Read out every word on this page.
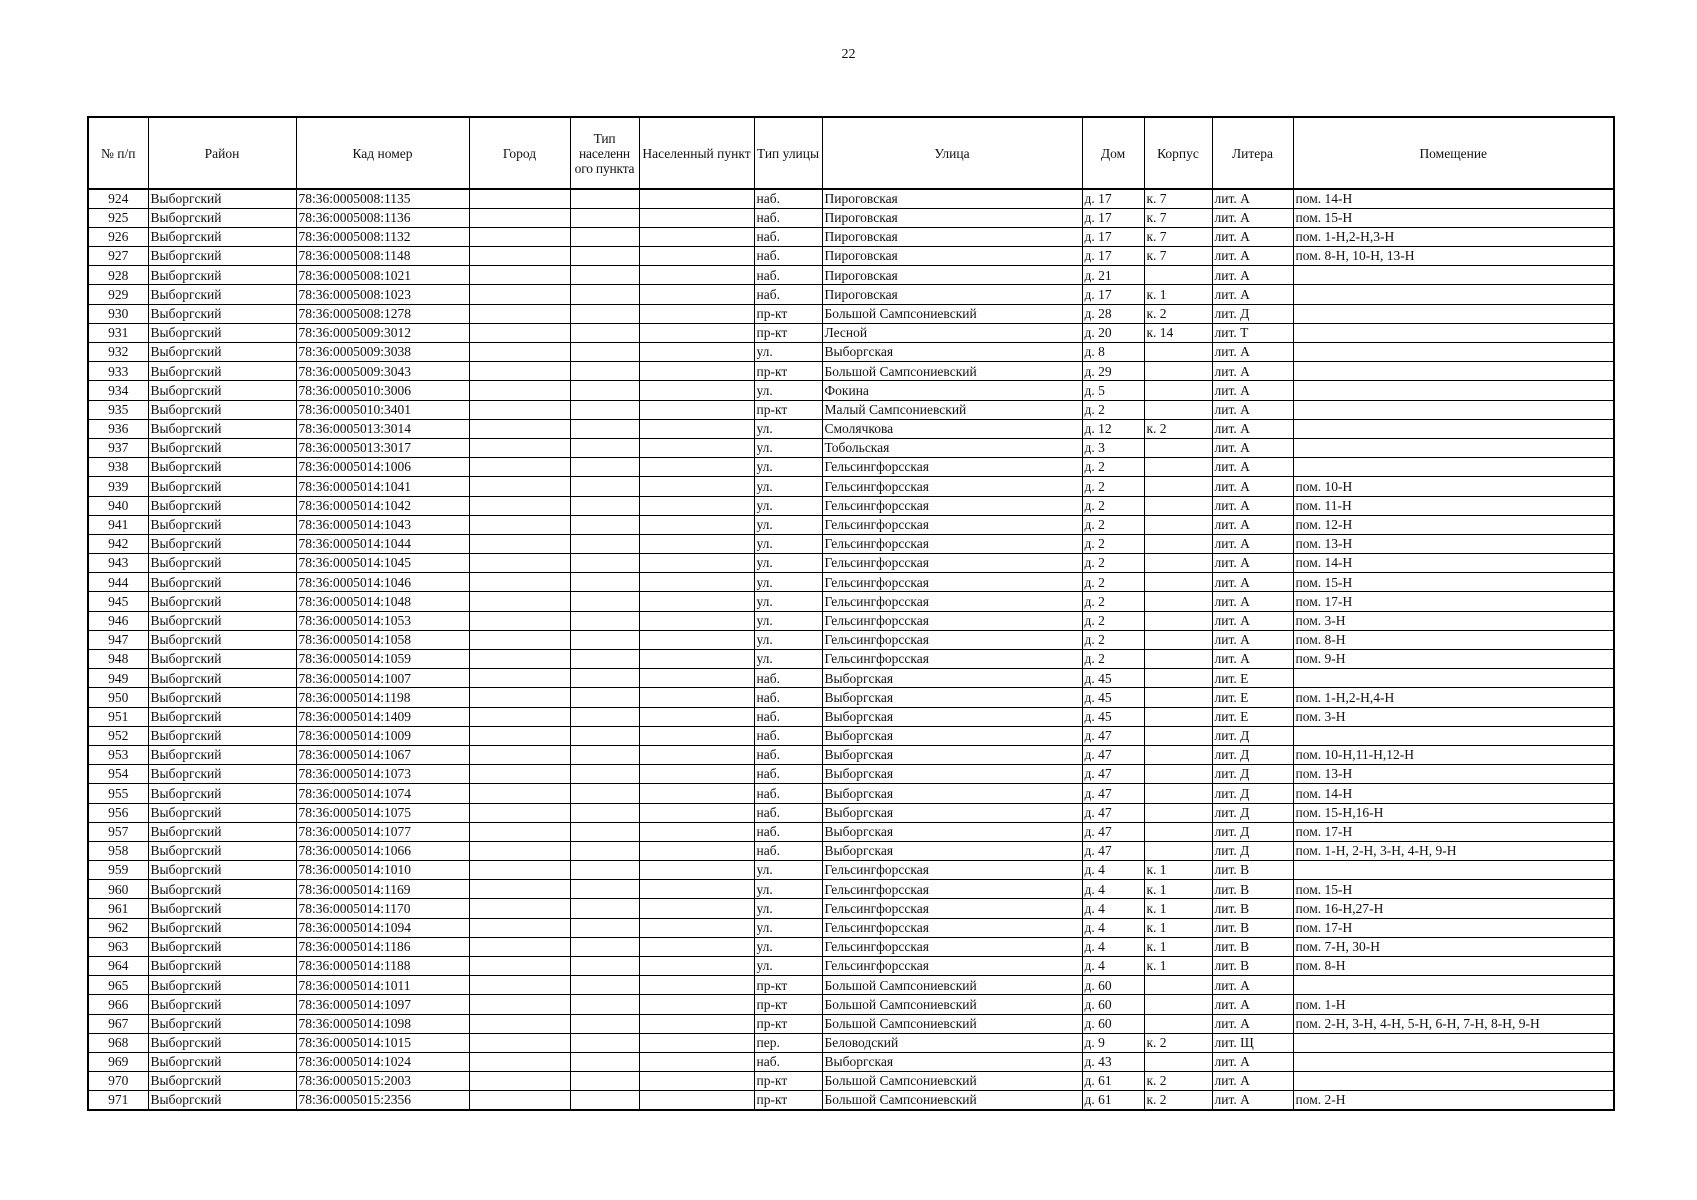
22
№ п/п	Район	Кад номер	Город	Тип населенн ого пункта	Населенный пункт	Тип улицы	Улица	Дом	Корпус	Литера	Помещение
924	Выборгский	78:36:0005008:1135				наб.	Пироговская	д. 17	к. 7	лит. А	пом. 14-Н
925	Выборгский	78:36:0005008:1136				наб.	Пироговская	д. 17	к. 7	лит. А	пом. 15-Н
926	Выборгский	78:36:0005008:1132				наб.	Пироговская	д. 17	к. 7	лит. А	пом. 1-Н,2-Н,3-Н
927	Выборгский	78:36:0005008:1148				наб.	Пироговская	д. 17	к. 7	лит. А	пом. 8-Н, 10-Н, 13-Н
928	Выборгский	78:36:0005008:1021				наб.	Пироговская	д. 21		лит. А	
929	Выборгский	78:36:0005008:1023				наб.	Пироговская	д. 17	к. 1	лит. А	
930	Выборгский	78:36:0005008:1278				пр-кт	Большой Сампсониевский	д. 28	к. 2	лит. Д	
931	Выборгский	78:36:0005009:3012				пр-кт	Лесной	д. 20	к. 14	лит. Т	
932	Выборгский	78:36:0005009:3038				ул.	Выборгская	д. 8		лит. А	
933	Выборгский	78:36:0005009:3043				пр-кт	Большой Сампсониевский	д. 29		лит. А	
934	Выборгский	78:36:0005010:3006				ул.	Фокина	д. 5		лит. А	
935	Выборгский	78:36:0005010:3401				пр-кт	Малый Сампсониевский	д. 2		лит. А	
936	Выборгский	78:36:0005013:3014				ул.	Смолячкова	д. 12	к. 2	лит. А	
937	Выборгский	78:36:0005013:3017				ул.	Тобольская	д. 3		лит. А	
938	Выборгский	78:36:0005014:1006				ул.	Гельсингфорсская	д. 2		лит. А	
939	Выборгский	78:36:0005014:1041				ул.	Гельсингфорсская	д. 2		лит. А	пом. 10-Н
940	Выборгский	78:36:0005014:1042				ул.	Гельсингфорсская	д. 2		лит. А	пом. 11-Н
941	Выборгский	78:36:0005014:1043				ул.	Гельсингфорсская	д. 2		лит. А	пом. 12-Н
942	Выборгский	78:36:0005014:1044				ул.	Гельсингфорсская	д. 2		лит. А	пом. 13-Н
943	Выборгский	78:36:0005014:1045				ул.	Гельсингфорсская	д. 2		лит. А	пом. 14-Н
944	Выборгский	78:36:0005014:1046				ул.	Гельсингфорсская	д. 2		лит. А	пом. 15-Н
945	Выборгский	78:36:0005014:1048				ул.	Гельсингфорсская	д. 2		лит. А	пом. 17-Н
946	Выборгский	78:36:0005014:1053				ул.	Гельсингфорсская	д. 2		лит. А	пом. 3-Н
947	Выборгский	78:36:0005014:1058				ул.	Гельсингфорсская	д. 2		лит. А	пом. 8-Н
948	Выборгский	78:36:0005014:1059				ул.	Гельсингфорсская	д. 2		лит. А	пом. 9-Н
949	Выборгский	78:36:0005014:1007				наб.	Выборгская	д. 45		лит. Е	
950	Выборгский	78:36:0005014:1198				наб.	Выборгская	д. 45		лит. Е	пом. 1-Н,2-Н,4-Н
951	Выборгский	78:36:0005014:1409				наб.	Выборгская	д. 45		лит. Е	пом. 3-Н
952	Выборгский	78:36:0005014:1009				наб.	Выборгская	д. 47		лит. Д	
953	Выборгский	78:36:0005014:1067				наб.	Выборгская	д. 47		лит. Д	пом. 10-Н,11-Н,12-Н
954	Выборгский	78:36:0005014:1073				наб.	Выборгская	д. 47		лит. Д	пом. 13-Н
955	Выборгский	78:36:0005014:1074				наб.	Выборгская	д. 47		лит. Д	пом. 14-Н
956	Выборгский	78:36:0005014:1075				наб.	Выборгская	д. 47		лит. Д	пом. 15-Н,16-Н
957	Выборгский	78:36:0005014:1077				наб.	Выборгская	д. 47		лит. Д	пом. 17-Н
958	Выборгский	78:36:0005014:1066				наб.	Выборгская	д. 47		лит. Д	пом. 1-Н, 2-Н, 3-Н, 4-Н, 9-Н
959	Выборгский	78:36:0005014:1010				ул.	Гельсингфорсская	д. 4	к. 1	лит. В	
960	Выборгский	78:36:0005014:1169				ул.	Гельсингфорсская	д. 4	к. 1	лит. В	пом. 15-Н
961	Выборгский	78:36:0005014:1170				ул.	Гельсингфорсская	д. 4	к. 1	лит. В	пом. 16-Н,27-Н
962	Выборгский	78:36:0005014:1094				ул.	Гельсингфорсская	д. 4	к. 1	лит. В	пом. 17-Н
963	Выборгский	78:36:0005014:1186				ул.	Гельсингфорсская	д. 4	к. 1	лит. В	пом. 7-Н, 30-Н
964	Выборгский	78:36:0005014:1188				ул.	Гельсингфорсская	д. 4	к. 1	лит. В	пом. 8-Н
965	Выборгский	78:36:0005014:1011				пр-кт	Большой Сампсониевский	д. 60		лит. А	
966	Выборгский	78:36:0005014:1097				пр-кт	Большой Сампсониевский	д. 60		лит. А	пом. 1-Н
967	Выборгский	78:36:0005014:1098				пр-кт	Большой Сампсониевский	д. 60		лит. А	пом. 2-Н, 3-Н, 4-Н, 5-Н, 6-Н, 7-Н, 8-Н, 9-Н
968	Выборгский	78:36:0005014:1015				пер.	Беловодский	д. 9	к. 2	лит. Щ	
969	Выборгский	78:36:0005014:1024				наб.	Выборгская	д. 43		лит. А	
970	Выборгский	78:36:0005015:2003				пр-кт	Большой Сампсониевский	д. 61	к. 2	лит. А	
971	Выборгский	78:36:0005015:2356				пр-кт	Большой Сампсониевский	д. 61	к. 2	лит. А	пом. 2-Н
